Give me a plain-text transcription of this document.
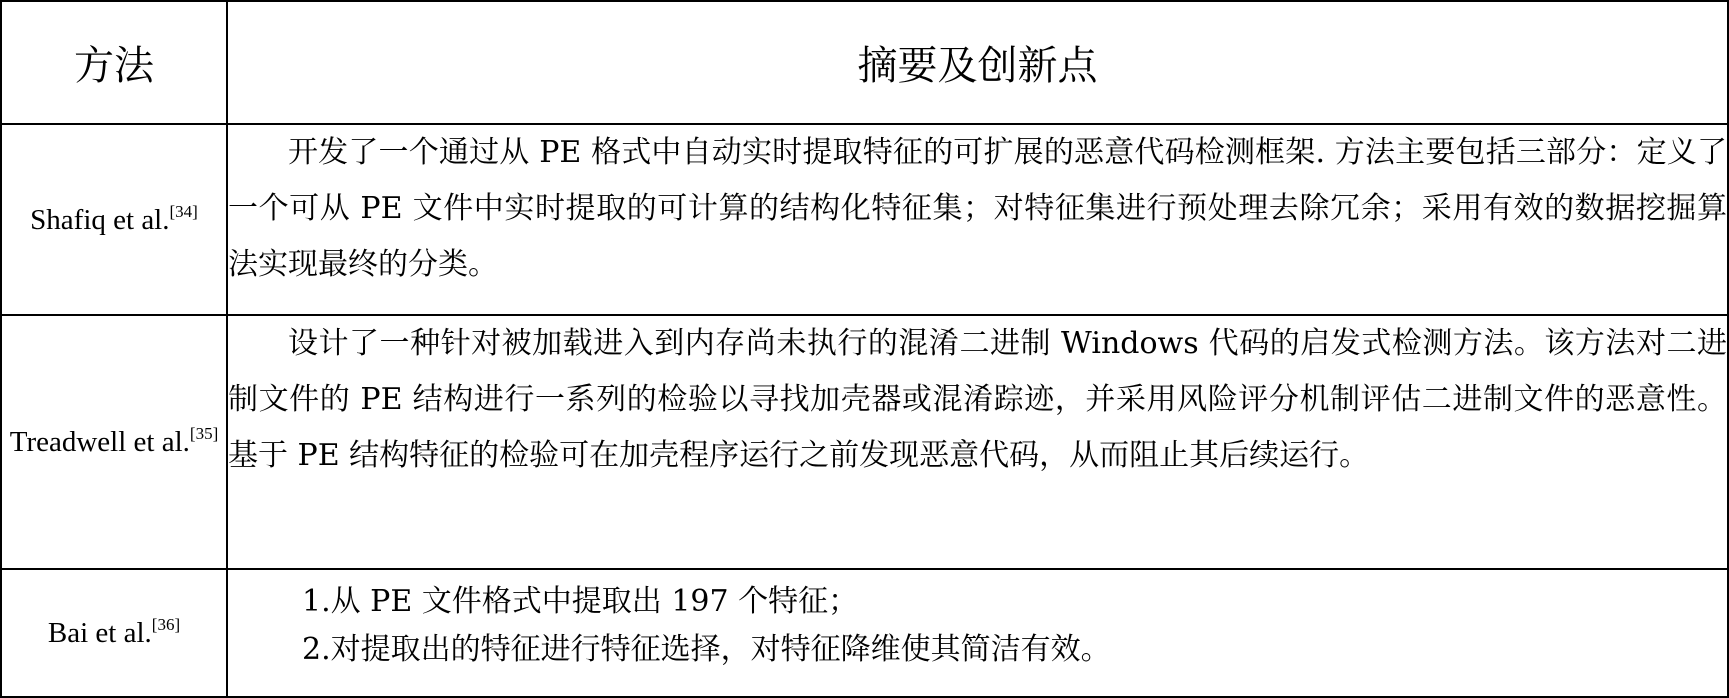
方法	摘要及创新点
Shafiq et al.[34]	开发了一个通过从 PE 格式中自动实时提取特征的可扩展的恶意代码检测框架. 方法主要包括三部分：定义了一个可从 PE 文件中实时提取的可计算的结构化特征集；对特征集进行预处理去除冗余；采用有效的数据挖掘算法实现最终的分类。

Treadwell et al.[35]	设计了一种针对被加载进入到内存尚未执行的混淆二进制 Windows 代码的启发式检测方法。该方法对二进制文件的 PE 结构进行一系列的检验以寻找加壳器或混淆踪迹，并采用风险评分机制评估二进制文件的恶意性。基于 PE 结构特征的检验可在加壳程序运行之前发现恶意代码，从而阻止其后续运行。

Bai et al.[36]	1.从 PE 文件格式中提取出 197 个特征；

2.对提取出的特征进行特征选择，对特征降维使其简洁有效。
